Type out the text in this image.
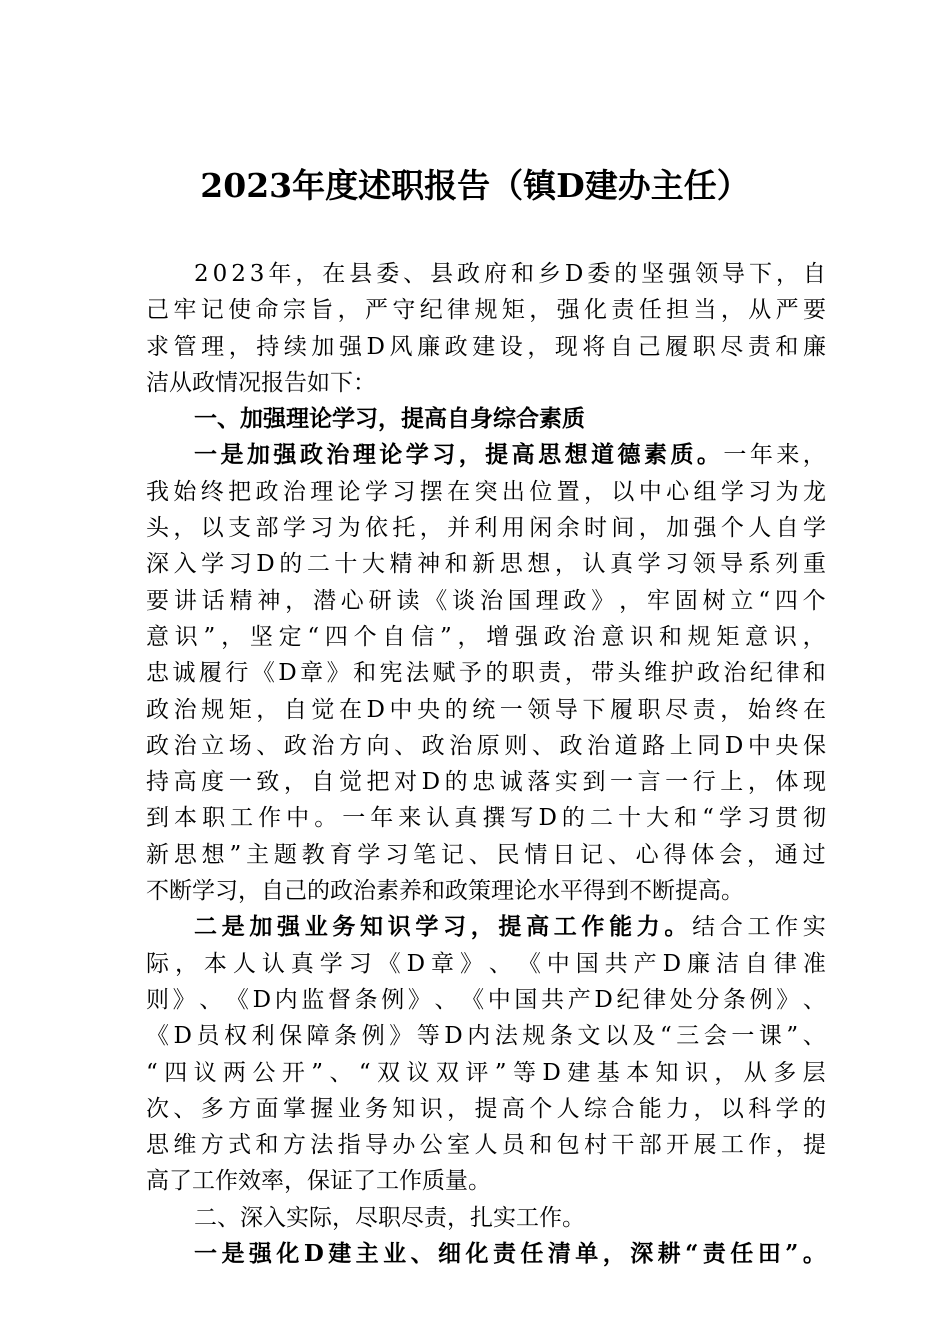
2023年度述职报告（镇D建办主任）
2 0 2 3 年 ， 在 县 委 、 县 政 府 和 乡 D 委 的 坚 强 领 导 下 ， 自
己 牢 记 使 命 宗 旨 ， 严 守 纪 律 规 矩 ， 强 化 责 任 担 当 ， 从 严 要
求 管 理 ， 持 续 加 强 D 风 廉 政 建 设 ， 现 将 自 己 履 职 尽 责 和 廉
洁从政情况报告如下：
一、加强理论学习，提高自身综合素质
一 是 加 强 政 治 理 论 学 习 ， 提 高 思 想 道 德 素 质 。 一 年 来 ，
我 始 终 把 政 治 理 论 学 习 摆 在 突 出 位 置 ， 以 中 心 组 学 习 为 龙
头 ， 以 支 部 学 习 为 依 托 ， 并 利 用 闲 余 时 间 ， 加 强 个 人 自 学
深 入 学 习 D 的 二 十 大 精 神 和 新 思 想 ， 认 真 学 习 领 导 系 列 重
要 讲 话 精 神 ， 潜 心 研 读 《 谈 治 国 理 政 》 ， 牢 固 树 立 “ 四 个
意 识 ” ， 坚 定 “ 四 个 自 信 ” ， 增 强 政 治 意 识 和 规 矩 意 识 ，
忠 诚 履 行 《 D 章 》 和 宪 法 赋 予 的 职 责 ， 带 头 维 护 政 治 纪 律 和
政 治 规 矩 ， 自 觉 在 D 中 央 的 统 一 领 导 下 履 职 尽 责 ， 始 终 在
政 治 立 场 、 政 治 方 向 、 政 治 原 则 、 政 治 道 路 上 同 D 中 央 保
持 高 度 一 致 ， 自 觉 把 对 D 的 忠 诚 落 实 到 一 言 一 行 上 ， 体 现
到 本 职 工 作 中 。 一 年 来 认 真 撰 写 D 的 二 十 大 和 “ 学 习 贯 彻
新 思 想 ” 主 题 教 育 学 习 笔 记 、 民 情 日 记 、 心 得 体 会 ， 通 过
不断学习，自己的政治素养和政策理论水平得到不断提高。
二 是 加 强 业 务 知 识 学 习 ， 提 高 工 作 能 力 。 结 合 工 作 实
际 ， 本 人 认 真 学 习 《 D 章 》 、 《 中 国 共 产 D 廉 洁 自 律 准
则 》 、 《 D 内 监 督 条 例 》 、 《 中 国 共 产 D 纪 律 处 分 条 例 》 、
《 D 员 权 利 保 障 条 例 》 等 D 内 法 规 条 文 以 及 “ 三 会 一 课 ” 、
“ 四 议 两 公 开 ” 、 “ 双 议 双 评 ” 等 D 建 基 本 知 识 ， 从 多 层
次 、 多 方 面 掌 握 业 务 知 识 ， 提 高 个 人 综 合 能 力 ， 以 科 学 的
思 维 方 式 和 方 法 指 导 办 公 室 人 员 和 包 村 干 部 开 展 工 作 ， 提
高了工作效率，保证了工作质量。
二、深入实际，尽职尽责，扎实工作。
一 是 强 化 D 建 主 业 、 细 化 责 任 清 单 ， 深 耕 “ 责 任 田 ” 。
